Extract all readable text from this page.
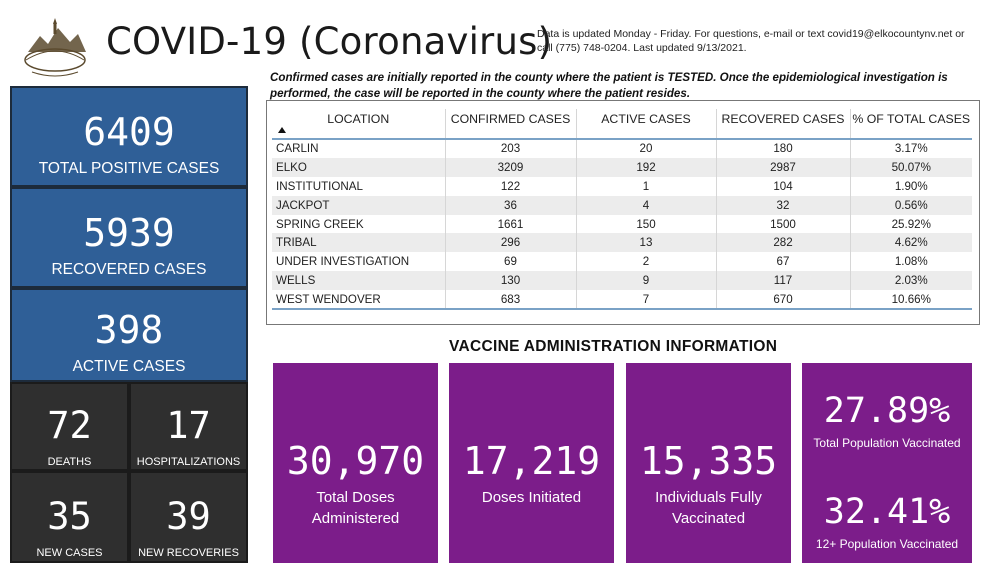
COVID-19 (Coronavirus)
Data is updated Monday - Friday. For questions, e-mail or text covid19@elkocountynv.net or call (775) 748-0204. Last updated 9/13/2021.
Confirmed cases are initially reported in the county where the patient is TESTED. Once the epidemiological investigation is performed, the case will be reported in the county where the patient resides.
6409
TOTAL POSITIVE CASES
5939
RECOVERED CASES
398
ACTIVE CASES
72
DEATHS
17
HOSPITALIZATIONS
35
NEW CASES
39
NEW RECOVERIES
LOCATION	CONFIRMED CASES	ACTIVE CASES	RECOVERED CASES	% OF TOTAL CASES
CARLIN	203	20	180	3.17%
ELKO	3209	192	2987	50.07%
INSTITUTIONAL	122	1	104	1.90%
JACKPOT	36	4	32	0.56%
SPRING CREEK	1661	150	1500	25.92%
TRIBAL	296	13	282	4.62%
UNDER INVESTIGATION	69	2	67	1.08%
WELLS	130	9	117	2.03%
WEST WENDOVER	683	7	670	10.66%
VACCINE ADMINISTRATION INFORMATION
30,970
Total Doses Administered
17,219
Doses Initiated
15,335
Individuals Fully Vaccinated
27.89%
Total Population Vaccinated
32.41%
12+ Population Vaccinated
